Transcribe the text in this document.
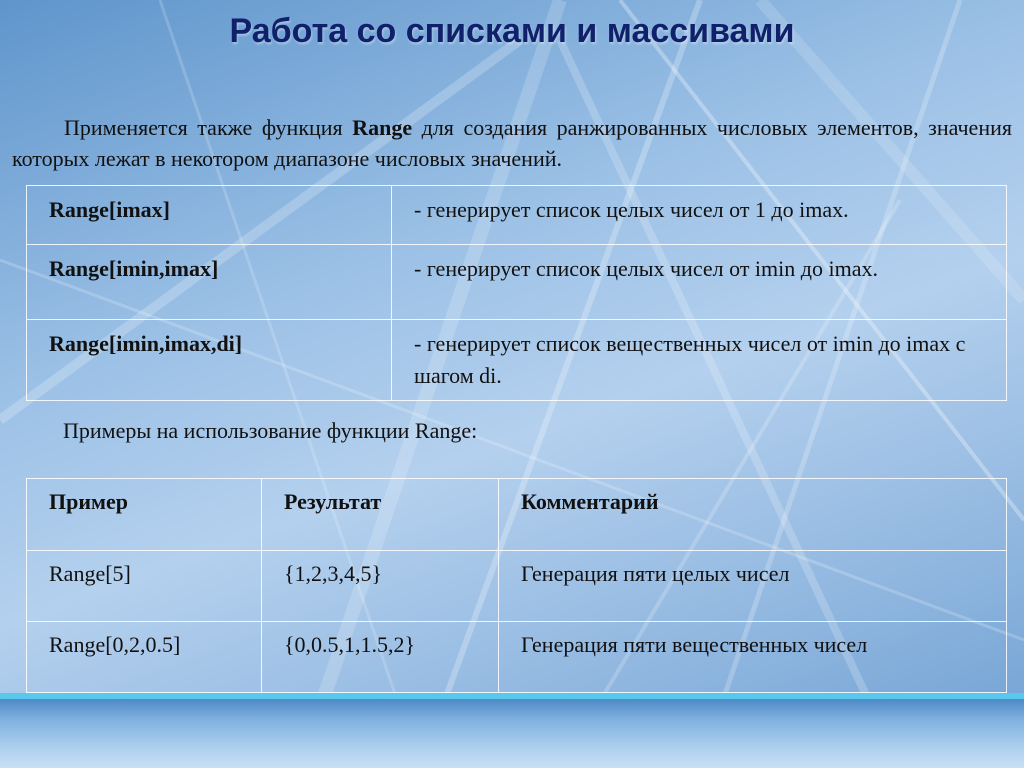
Работа со списками и массивами

Применяется также функция Range для создания ранжированных числовых элементов, значения которых лежат в некотором диапазоне числовых значений.

Range[imax]	- генерирует список целых чисел от 1 до imax.
Range[imin,imax]	- генерирует список целых чисел от imin до imax.
Range[imin,imax,di]	- генерирует список вещественных чисел от imin до imax с шагом di.

Примеры на использование функции Range:

Пример	Результат	Комментарий
Range[5]	{1,2,3,4,5}	Генерация пяти целых чисел
Range[0,2,0.5]	{0,0.5,1,1.5,2}	Генерация пяти вещественных чисел
